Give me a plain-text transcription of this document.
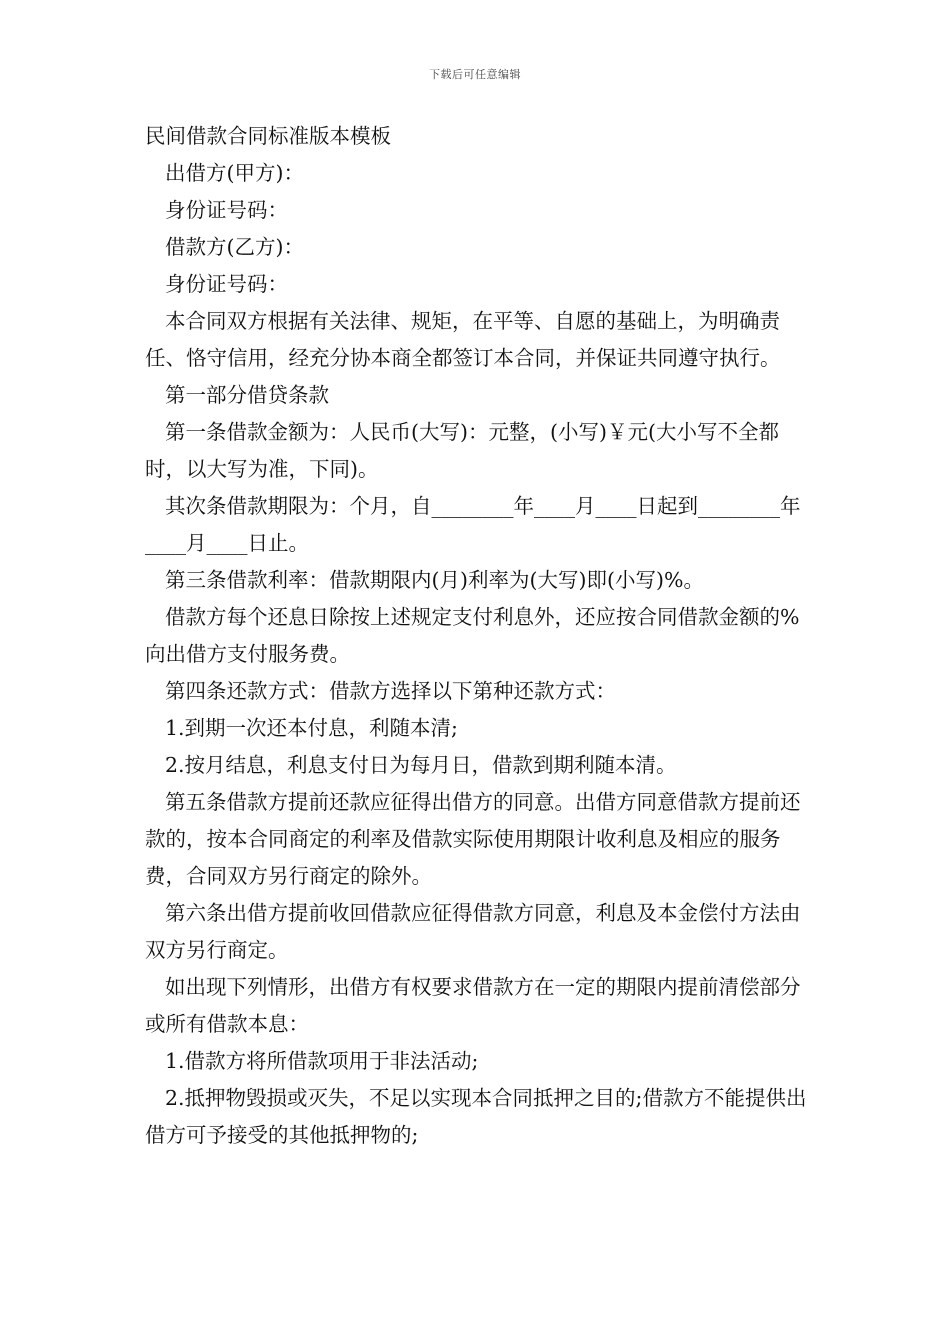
下载后可任意编辑

民间借款合同标准版本模板

出借方(甲方)：

身份证号码：

借款方(乙方)：

身份证号码：

本合同双方根据有关法律、规矩，在平等、自愿的基础上，为明确责任、恪守信用，经充分协本商全都签订本合同，并保证共同遵守执行。

第一部分借贷条款

第一条借款金额为：人民币(大写)：元整，(小写)￥元(大小写不全都时，以大写为准，下同)。

其次条借款期限为：个月，自________年____月____日起到________年____月____日止。

第三条借款利率：借款期限内(月)利率为(大写)即(小写)%。

借款方每个还息日除按上述规定支付利息外，还应按合同借款金额的%向出借方支付服务费。

第四条还款方式：借款方选择以下第种还款方式：

1.到期一次还本付息，利随本清;

2.按月结息，利息支付日为每月日，借款到期利随本清。

第五条借款方提前还款应征得出借方的同意。出借方同意借款方提前还款的，按本合同商定的利率及借款实际使用期限计收利息及相应的服务费，合同双方另行商定的除外。

第六条出借方提前收回借款应征得借款方同意，利息及本金偿付方法由双方另行商定。

如出现下列情形，出借方有权要求借款方在一定的期限内提前清偿部分或所有借款本息：

1.借款方将所借款项用于非法活动;

2.抵押物毁损或灭失，不足以实现本合同抵押之目的;借款方不能提供出借方可予接受的其他抵押物的;
